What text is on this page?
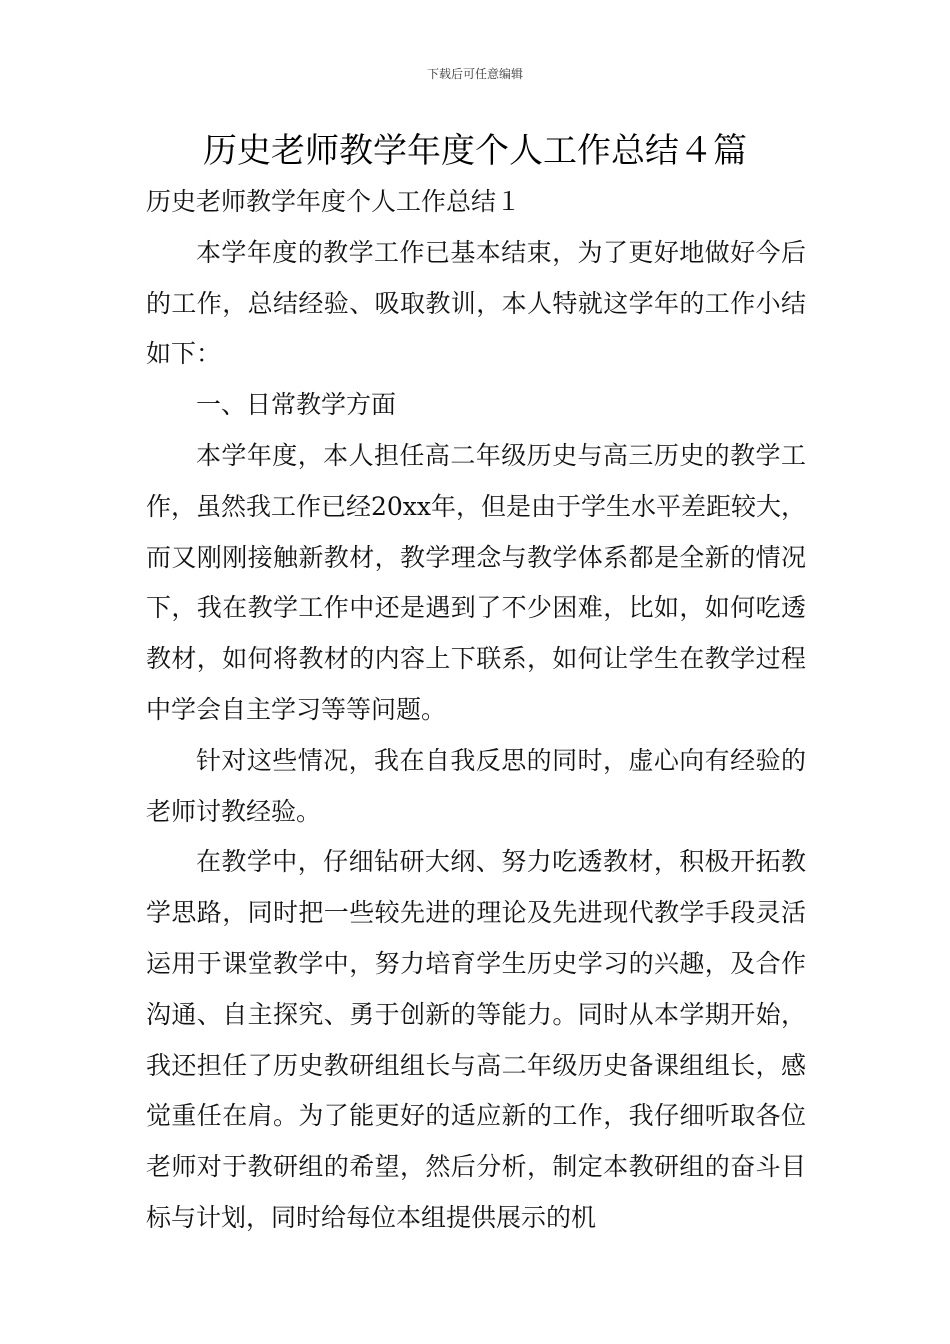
下载后可任意编辑
历史老师教学年度个人工作总结４篇

历史老师教学年度个人工作总结１

本学年度的教学工作已基本结束，为了更好地做好今后的工作，总结经验、吸取教训，本人特就这学年的工作小结如下：

一、日常教学方面

本学年度，本人担任高二年级历史与高三历史的教学工作，虽然我工作已经20xx年，但是由于学生水平差距较大，而又刚刚接触新教材，教学理念与教学体系都是全新的情况下，我在教学工作中还是遇到了不少困难，比如，如何吃透教材，如何将教材的内容上下联系，如何让学生在教学过程中学会自主学习等等问题。

针对这些情况，我在自我反思的同时，虚心向有经验的老师讨教经验。

在教学中，仔细钻研大纲、努力吃透教材，积极开拓教学思路，同时把一些较先进的理论及先进现代教学手段灵活运用于课堂教学中，努力培育学生历史学习的兴趣，及合作沟通、自主探究、勇于创新的等能力。同时从本学期开始，我还担任了历史教研组组长与高二年级历史备课组组长，感觉重任在肩。为了能更好的适应新的工作，我仔细听取各位老师对于教研组的希望，然后分析，制定本教研组的奋斗目标与计划，同时给每位本组提供展示的机
